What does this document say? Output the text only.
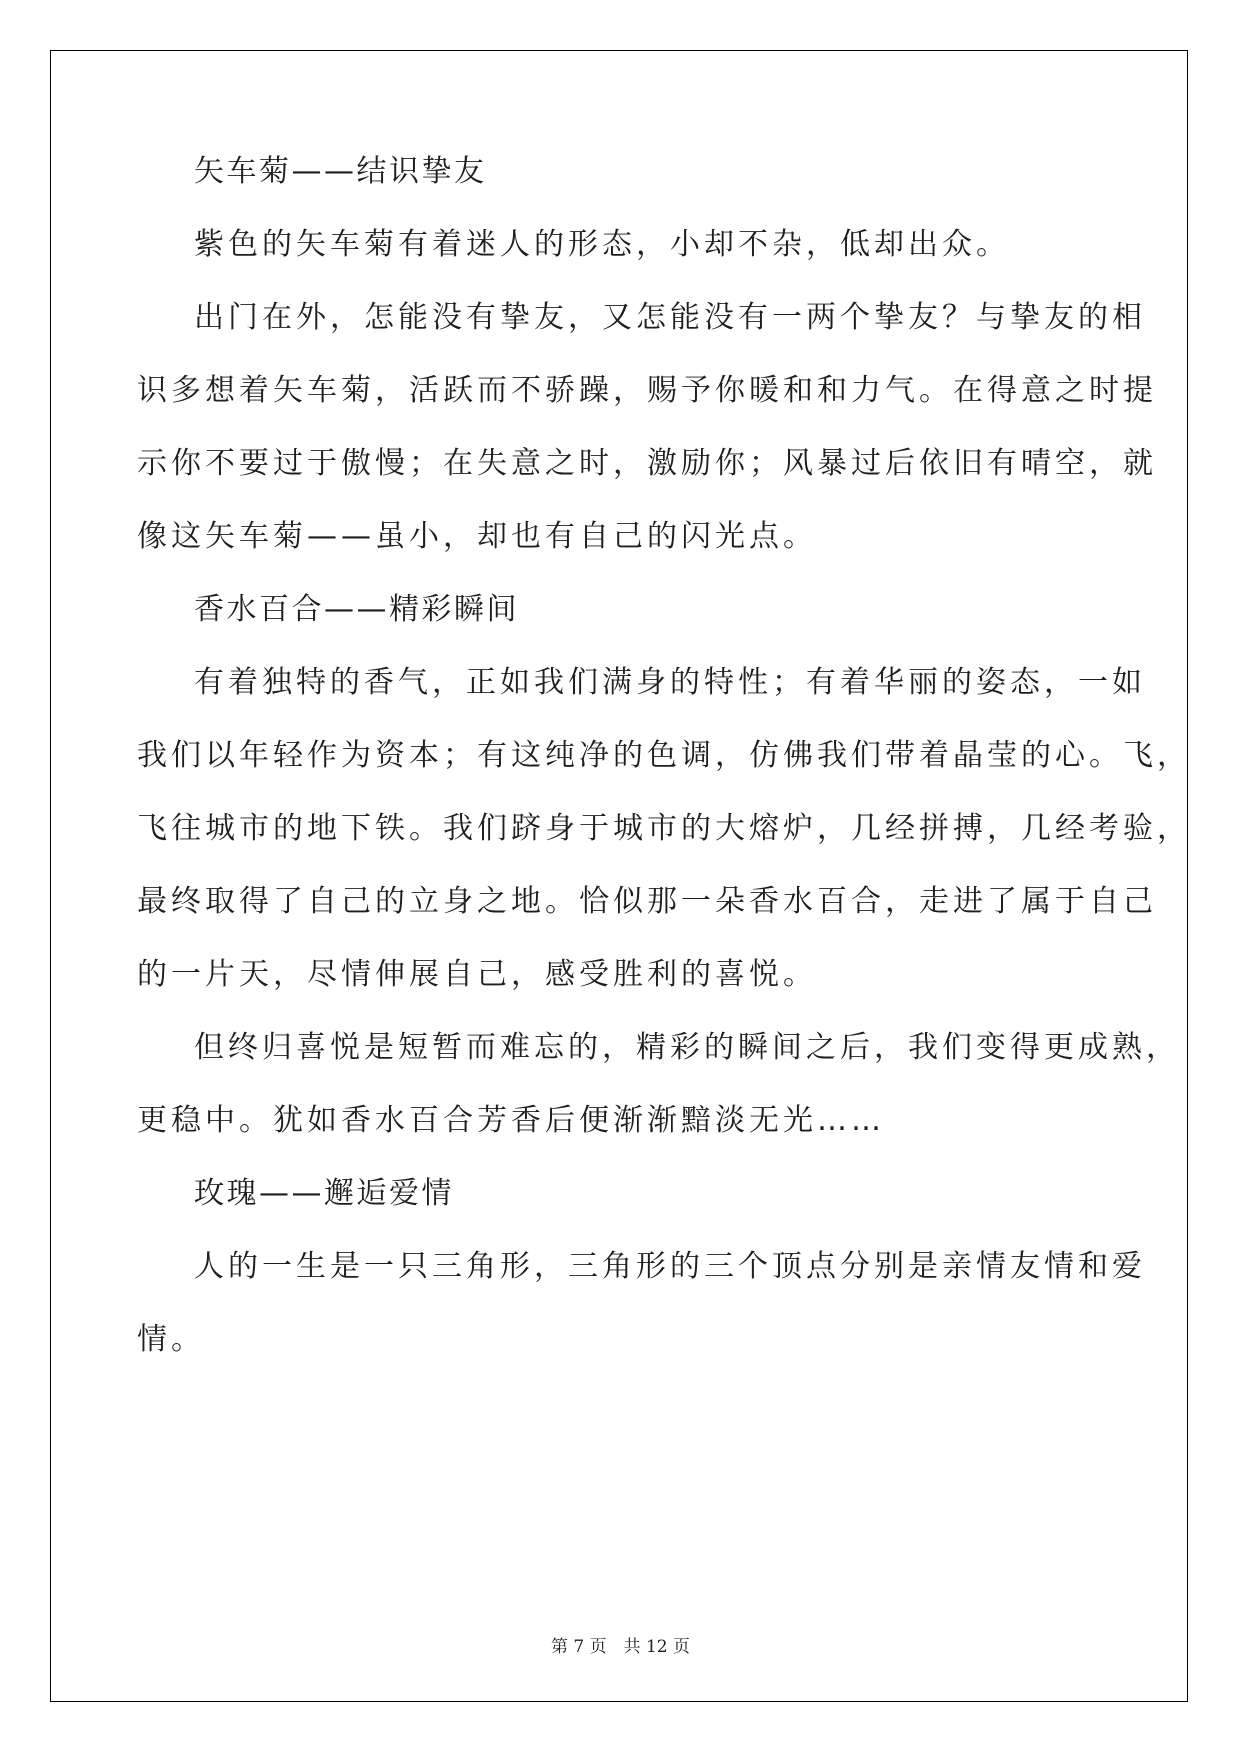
矢车菊——结识挚友
紫色的矢车菊有着迷人的形态，小却不杂，低却出众。
出门在外，怎能没有挚友，又怎能没有一两个挚友？与挚友的相
识多想着矢车菊，活跃而不骄躁，赐予你暖和和力气。在得意之时提
示你不要过于傲慢；在失意之时，激励你；风暴过后依旧有晴空，就
像这矢车菊——虽小，却也有自己的闪光点。
香水百合——精彩瞬间
有着独特的香气，正如我们满身的特性；有着华丽的姿态，一如
我们以年轻作为资本；有这纯净的色调，仿佛我们带着晶莹的心。飞，
飞往城市的地下铁。我们跻身于城市的大熔炉，几经拼搏，几经考验，
最终取得了自己的立身之地。恰似那一朵香水百合，走进了属于自己
的一片天，尽情伸展自己，感受胜利的喜悦。
但终归喜悦是短暂而难忘的，精彩的瞬间之后，我们变得更成熟，
更稳中。犹如香水百合芳香后便渐渐黯淡无光……
玫瑰——邂逅爱情
人的一生是一只三角形，三角形的三个顶点分别是亲情友情和爱
情。
第 7 页　共 12 页
